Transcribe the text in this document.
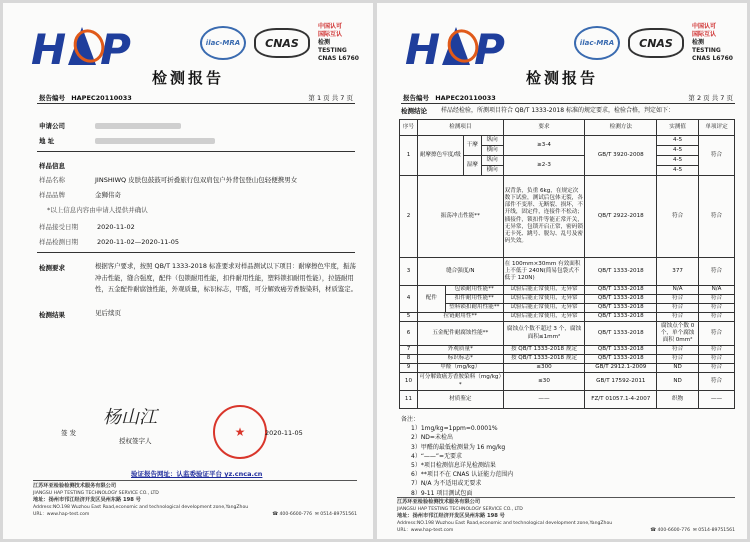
H P	ilac-MRA	CNAS
中国认可
国际互认
检测
TESTING
CNAS L6760
检测报告
报告编号 HAPEC20110033	第 1 页 共 7 页
申请公司
地 址
样品信息
样品名称	JINSHIWQ 皮肤包鼓鼓可折叠旅行包双肩包户外背包登山包轻便携男女
样品品牌	金狮伟奇
*以上信息内容由申请人提供并确认
样品接受日期	2020-11-02
样品检测日期	2020-11-02—2020-11-05
检测要求	根据客户要求，按照 QB/T 1333-2018 标准要求对样品测试以下项目：耐摩擦色牢度，振荡冲击性能，缝合强度，配件（包锁耐用性能，扣件耐用性能，塑料锁扣耐用性能），拉链耐用性，五金配件耐腐蚀性能，外观质量，标识标志，甲醛，可分解致癌芳香胺染料，材质鉴定。
检测结果	见后续页
签 发
杨山江
授权签字人
★	2020-11-05
验证报告网址：认监委验证平台 yz.cnca.cn
江苏环亚检验检测技术服务有限公司
JIANGSU HAP TESTING TECHNOLOGY SERVICE CO., LTD
地址：扬州市邗江经济开发区吴州东路 198 号
Address:NO.198 Wuzhou East Road,economic and technological development zone,YangZhou
URL：www.hap-test.com	☎ 400-6600-776 ✉ 0514-89751561
H P	ilac-MRA	CNAS
中国认可
国际互认
检测
TESTING
CNAS L6760
检测报告
报告编号 HAPEC20110033	第 2 页 共 7 页
检测结论 样品经检验，所测项目符合 QB/T 1333-2018 标准的规定要求，检验合格，判定如下：
序号	检测项目				要求	检测方法	实测值	单项评定
1	耐摩擦色牢度/级		干摩	纵向	≥3-4	GB/T 3920-2008	4-5	符合
				横向			4-5	
			湿摩	纵向	≥2-3		4-5	
				横向			4-5	
2	振荡冲击性能**				双背条，负重 6kg，在规定次数下试验，测试后包体无裂，各部件不变形、无断裂、损坏，不开线，固定件，连接件不松动；插接件，锁扣件等能正常开关，无异常，包锁开启正常，密码锁无卡死、跳号、脱勾、乱号及密码失效。	QB/T 2922-2018	符合	符合
3	缝合强度/N				在 100mm×30mm 有效面积上不低于 240N(简易包袋式不低于 120N)	QB/T 1333-2018	377	符合
4	配件	包锁耐用性能**			试验后能正常使用，无异常	QB/T 1333-2018	N/A	N/A
		扣件耐用性能**			试验后能正常使用，无异常	QB/T 1333-2018	符合	符合
		塑料锁扣耐用性能**			试验后能正常使用，无异常	QB/T 1333-2018	符合	符合
5	拉链耐用性**				试验后能正常使用，无异常	QB/T 1333-2018	符合	符合
6	五金配件耐腐蚀性能**				腐蚀点个数不超过 3 个，腐蚀面积≤1mm²	QB/T 1333-2018	腐蚀点个数 0 个，单个腐蚀面积 0mm²	符合
7	外观质量*				按 QB/T 1333-2018 规定	QB/T 1333-2018	符合	符合
8	标识标志*				按 QB/T 1333-2018 规定	QB/T 1333-2018	符合	符合
9	甲醛（mg/kg）				≤300	GB/T 2912.1-2009	ND	符合
10	可分解致癌芳香胺染料（mg/kg）*				≤30	GB/T 17592-2011	ND	符合
11	材质鉴定				——	FZ/T 01057.1-4-2007	织物	——
备注：
1）1mg/kg=1ppm=0.0001%
2）ND=未检出
3）甲醛的最低检测量为 16 mg/kg
4）“——”=无要求
5）*项目检测信息详见检测结果
6）**项目不在 CNAS 认证能力范围内
7）N/A 为不适用或无要求
8）9-11 项目测试包面
江苏环亚检验检测技术服务有限公司
JIANGSU HAP TESTING TECHNOLOGY SERVICE CO., LTD
地址：扬州市邗江经济开发区吴州东路 198 号
Address:NO.198 Wuzhou East Road,economic and technological development zone,YangZhou
URL：www.hap-test.com	☎ 400-6600-776 ✉ 0514-89751561
